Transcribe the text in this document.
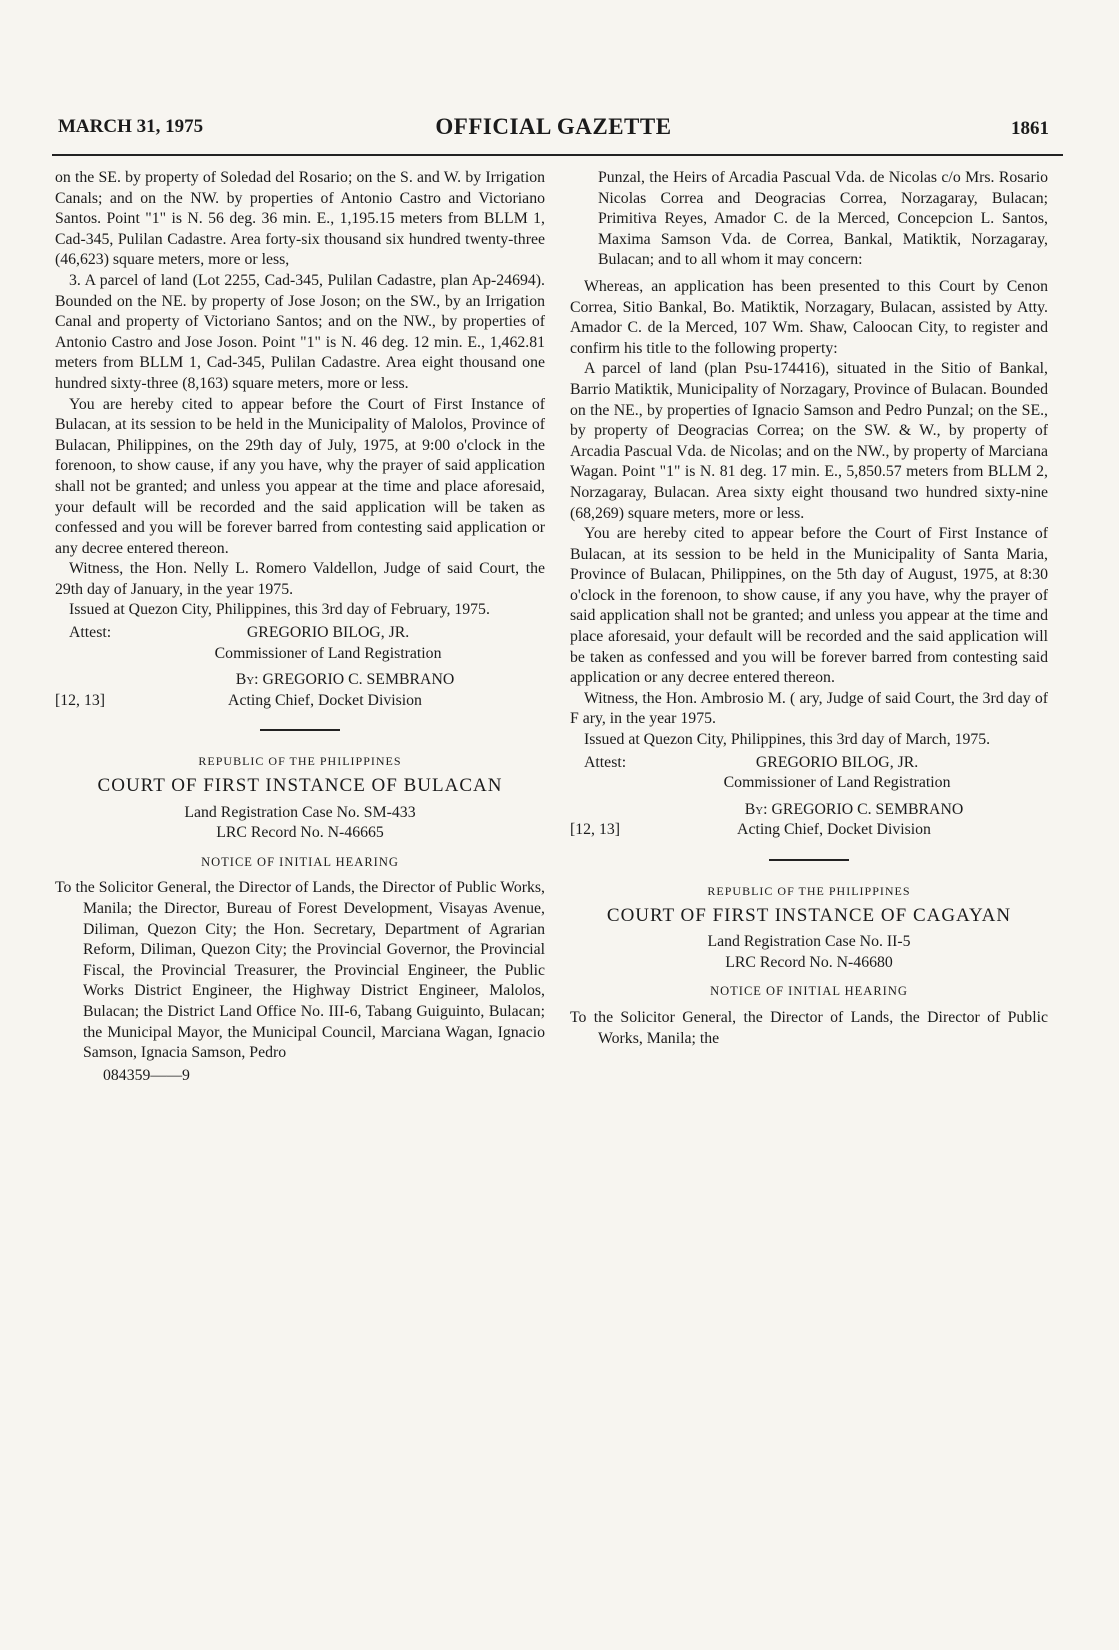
MARCH 31, 1975	OFFICIAL GAZETTE	1861

on the SE. by property of Soledad del Rosario; on the S. and W. by Irrigation Canals; and on the NW. by properties of Antonio Castro and Victoriano Santos. Point "1" is N. 56 deg. 36 min. E., 1,195.15 meters from BLLM 1, Cad-345, Pulilan Cadastre. Area forty-six thousand six hundred twenty-three (46,623) square meters, more or less,

3. A parcel of land (Lot 2255, Cad-345, Pulilan Cadastre, plan Ap-24694). Bounded on the NE. by property of Jose Joson; on the SW., by an Irrigation Canal and property of Victoriano Santos; and on the NW., by properties of Antonio Castro and Jose Joson. Point "1" is N. 46 deg. 12 min. E., 1,462.81 meters from BLLM 1, Cad-345, Pulilan Cadastre. Area eight thousand one hundred sixty-three (8,163) square meters, more or less.

You are hereby cited to appear before the Court of First Instance of Bulacan, at its session to be held in the Municipality of Malolos, Province of Bulacan, Philippines, on the 29th day of July, 1975, at 9:00 o'clock in the forenoon, to show cause, if any you have, why the prayer of said application shall not be granted; and unless you appear at the time and place aforesaid, your default will be recorded and the said application will be taken as confessed and you will be forever barred from contesting said application or any decree entered thereon.

Witness, the Hon. Nelly L. Romero Valdellon, Judge of said Court, the 29th day of January, in the year 1975.

Issued at Quezon City, Philippines, this 3rd day of February, 1975.

Attest:	GREGORIO BILOG, JR.
Commissioner of Land Registration
By: GREGORIO C. SEMBRANO
[12, 13]	Acting Chief, Docket Division
REPUBLIC OF THE PHILIPPINES
COURT OF FIRST INSTANCE OF BULACAN
Land Registration Case No. SM-433
LRC Record No. N-46665
NOTICE OF INITIAL HEARING

To the Solicitor General, the Director of Lands, the Director of Public Works, Manila; the Director, Bureau of Forest Development, Visayas Avenue, Diliman, Quezon City; the Hon. Secretary, Department of Agrarian Reform, Diliman, Quezon City; the Provincial Governor, the Provincial Fiscal, the Provincial Treasurer, the Provincial Engineer, the Public Works District Engineer, the Highway District Engineer, Malolos, Bulacan; the District Land Office No. III-6, Tabang Guiguinto, Bulacan; the Municipal Mayor, the Municipal Council, Marciana Wagan, Ignacio Samson, Ignacia Samson, Pedro

084359——9

Punzal, the Heirs of Arcadia Pascual Vda. de Nicolas c/o Mrs. Rosario Nicolas Correa and Deogracias Correa, Norzagaray, Bulacan; Primitiva Reyes, Amador C. de la Merced, Concepcion L. Santos, Maxima Samson Vda. de Correa, Bankal, Matiktik, Norzagaray, Bulacan; and to all whom it may concern:

Whereas, an application has been presented to this Court by Cenon Correa, Sitio Bankal, Bo. Matiktik, Norzagary, Bulacan, assisted by Atty. Amador C. de la Merced, 107 Wm. Shaw, Caloocan City, to register and confirm his title to the following property:

A parcel of land (plan Psu-174416), situated in the Sitio of Bankal, Barrio Matiktik, Municipality of Norzagary, Province of Bulacan. Bounded on the NE., by properties of Ignacio Samson and Pedro Punzal; on the SE., by property of Deogracias Correa; on the SW. & W., by property of Arcadia Pascual Vda. de Nicolas; and on the NW., by property of Marciana Wagan. Point "1" is N. 81 deg. 17 min. E., 5,850.57 meters from BLLM 2, Norzagaray, Bulacan. Area sixty eight thousand two hundred sixty-nine (68,269) square meters, more or less.

You are hereby cited to appear before the Court of First Instance of Bulacan, at its session to be held in the Municipality of Santa Maria, Province of Bulacan, Philippines, on the 5th day of August, 1975, at 8:30 o'clock in the forenoon, to show cause, if any you have, why the prayer of said application shall not be granted; and unless you appear at the time and place aforesaid, your default will be recorded and the said application will be taken as confessed and you will be forever barred from contesting said application or any decree entered thereon.

Witness, the Hon. Ambrosio M. ( ary, Judge of said Court, the 3rd day of F ary, in the year 1975.

Issued at Quezon City, Philippines, this 3rd day of March, 1975.

Attest:	GREGORIO BILOG, JR.
Commissioner of Land Registration
By: GREGORIO C. SEMBRANO
[12, 13]	Acting Chief, Docket Division
REPUBLIC OF THE PHILIPPINES
COURT OF FIRST INSTANCE OF CAGAYAN
Land Registration Case No. II-5
LRC Record No. N-46680
NOTICE OF INITIAL HEARING

To the Solicitor General, the Director of Lands, the Director of Public Works, Manila; the
